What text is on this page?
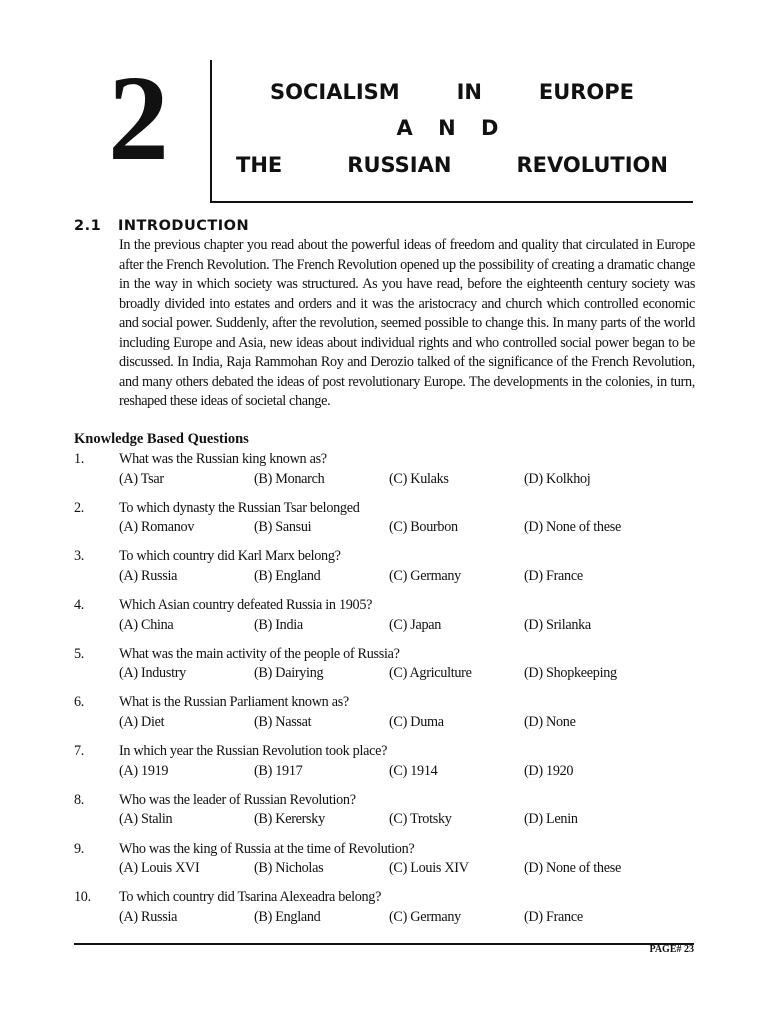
2	SOCIALISM	IN	EUROPE
A N D
THE	RUSSIAN	REVOLUTION
2.1 INTRODUCTION
In the previous chapter you read about the powerful ideas of freedom and quality that circulated in Europe after the French Revolution. The French Revolution opened up the possibility of creating a dramatic change in the way in which society was structured. As you have read, before the eighteenth century society was broadly divided into estates and orders and it was the aristocracy and church which controlled economic and social power. Suddenly, after the revolution, seemed possible to change this. In many parts of the world including Europe and Asia, new ideas about individual rights and who controlled social power began to be discussed. In India, Raja Rammohan Roy and Derozio talked of the significance of the French Revolution, and many others debated the ideas of post revolutionary Europe. The developments in the colonies, in turn, reshaped these ideas of societal change.
Knowledge Based Questions
1.	What was the Russian king known as?
(A) Tsar	(B) Monarch	(C) Kulaks	(D) Kolkhoj
2.	To which dynasty the Russian Tsar belonged
(A) Romanov	(B) Sansui	(C) Bourbon	(D) None of these
3.	To which country did Karl Marx belong?
(A) Russia	(B) England	(C) Germany	(D) France
4.	Which Asian country defeated Russia in 1905?
(A) China	(B) India	(C) Japan	(D) Srilanka
5.	What was the main activity of the people of Russia?
(A) Industry	(B) Dairying	(C) Agriculture	(D) Shopkeeping
6.	What is the Russian Parliament known as?
(A) Diet	(B) Nassat	(C) Duma	(D) None
7.	In which year the Russian Revolution took place?
(A) 1919	(B) 1917	(C) 1914	(D) 1920
8.	Who was the leader of Russian Revolution?
(A) Stalin	(B) Kerersky	(C) Trotsky	(D) Lenin
9.	Who was the king of Russia at the time of Revolution?
(A) Louis XVI	(B) Nicholas	(C) Louis XIV	(D) None of these
10.	To which country did Tsarina Alexeadra belong?
(A) Russia	(B) England	(C) Germany	(D) France
PAGE# 23
